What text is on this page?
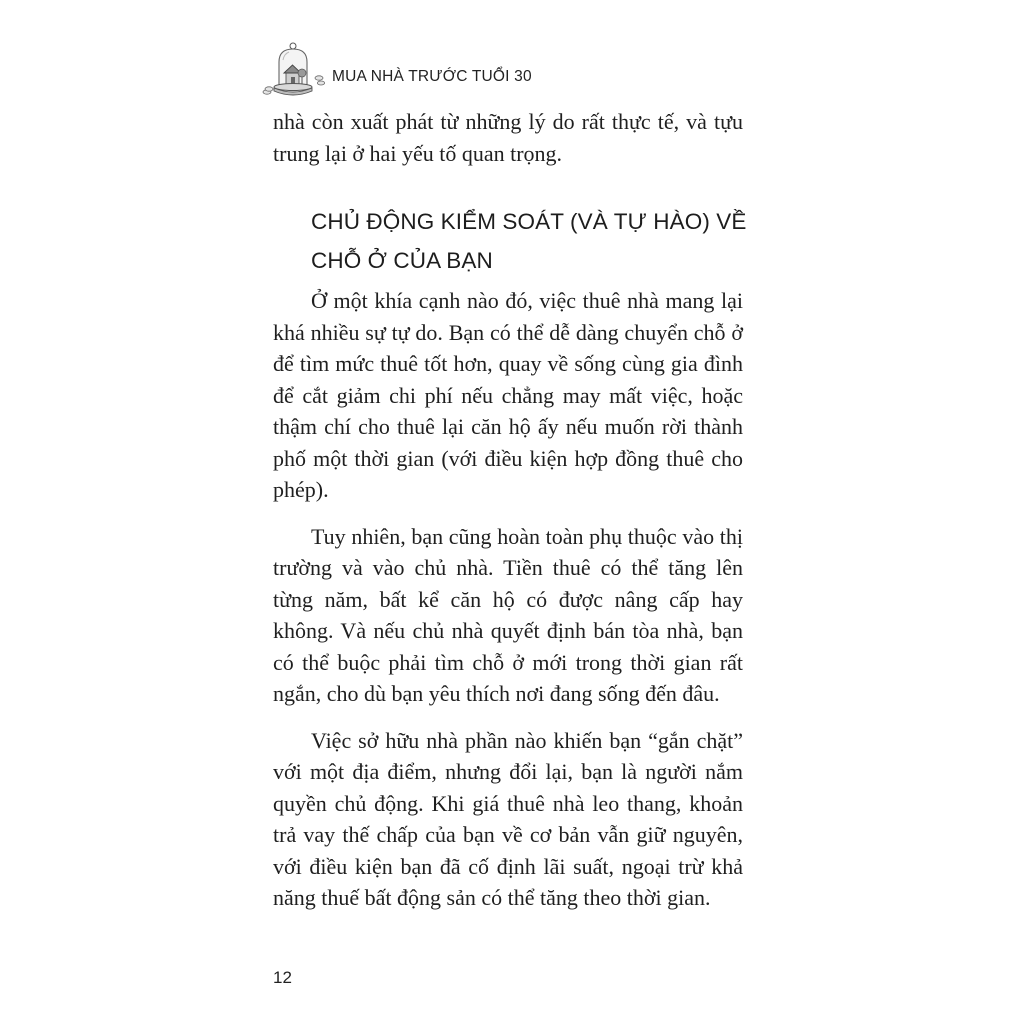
MUA NHÀ TRƯỚC TUỔI 30
nhà còn xuất phát từ những lý do rất thực tế, và tựu trung lại ở hai yếu tố quan trọng.
CHỦ ĐỘNG KIỂM SOÁT (VÀ TỰ HÀO) VỀ CHỖ Ở CỦA BẠN

Ở một khía cạnh nào đó, việc thuê nhà mang lại khá nhiều sự tự do. Bạn có thể dễ dàng chuyển chỗ ở để tìm mức thuê tốt hơn, quay về sống cùng gia đình để cắt giảm chi phí nếu chẳng may mất việc, hoặc thậm chí cho thuê lại căn hộ ấy nếu muốn rời thành phố một thời gian (với điều kiện hợp đồng thuê cho phép).

Tuy nhiên, bạn cũng hoàn toàn phụ thuộc vào thị trường và vào chủ nhà. Tiền thuê có thể tăng lên từng năm, bất kể căn hộ có được nâng cấp hay không. Và nếu chủ nhà quyết định bán tòa nhà, bạn có thể buộc phải tìm chỗ ở mới trong thời gian rất ngắn, cho dù bạn yêu thích nơi đang sống đến đâu.

Việc sở hữu nhà phần nào khiến bạn “gắn chặt” với một địa điểm, nhưng đổi lại, bạn là người nắm quyền chủ động. Khi giá thuê nhà leo thang, khoản trả vay thế chấp của bạn về cơ bản vẫn giữ nguyên, với điều kiện bạn đã cố định lãi suất, ngoại trừ khả năng thuế bất động sản có thể tăng theo thời gian.

12
